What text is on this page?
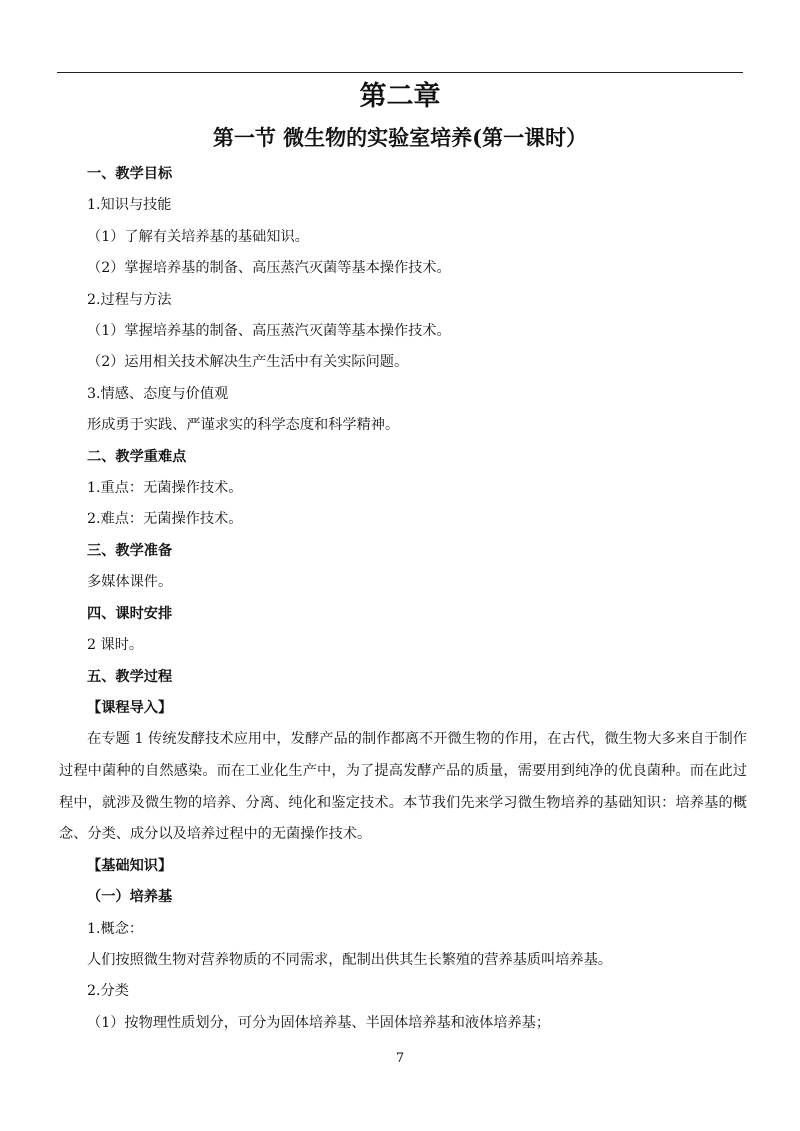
第二章
第一节 微生物的实验室培养(第一课时）

一、教学目标

1.知识与技能

（1）了解有关培养基的基础知识。

（2）掌握培养基的制备、高压蒸汽灭菌等基本操作技术。

2.过程与方法

（1）掌握培养基的制备、高压蒸汽灭菌等基本操作技术。

（2）运用相关技术解决生产生活中有关实际问题。

3.情感、态度与价值观

形成勇于实践、严谨求实的科学态度和科学精神。

二、教学重难点

1.重点：无菌操作技术。

2.难点：无菌操作技术。

三、教学准备

多媒体课件。

四、课时安排

2 课时。

五、教学过程

【课程导入】

在专题 1 传统发酵技术应用中，发酵产品的制作都离不开微生物的作用，在古代，微生物大多来自于制作过程中菌种的自然感染。而在工业化生产中，为了提高发酵产品的质量，需要用到纯净的优良菌种。而在此过程中，就涉及微生物的培养、分离、纯化和鉴定技术。本节我们先来学习微生物培养的基础知识：培养基的概念、分类、成分以及培养过程中的无菌操作技术。

【基础知识】

（一）培养基

1.概念：

人们按照微生物对营养物质的不同需求，配制出供其生长繁殖的营养基质叫培养基。

2.分类

（1）按物理性质划分，可分为固体培养基、半固体培养基和液体培养基；

7
